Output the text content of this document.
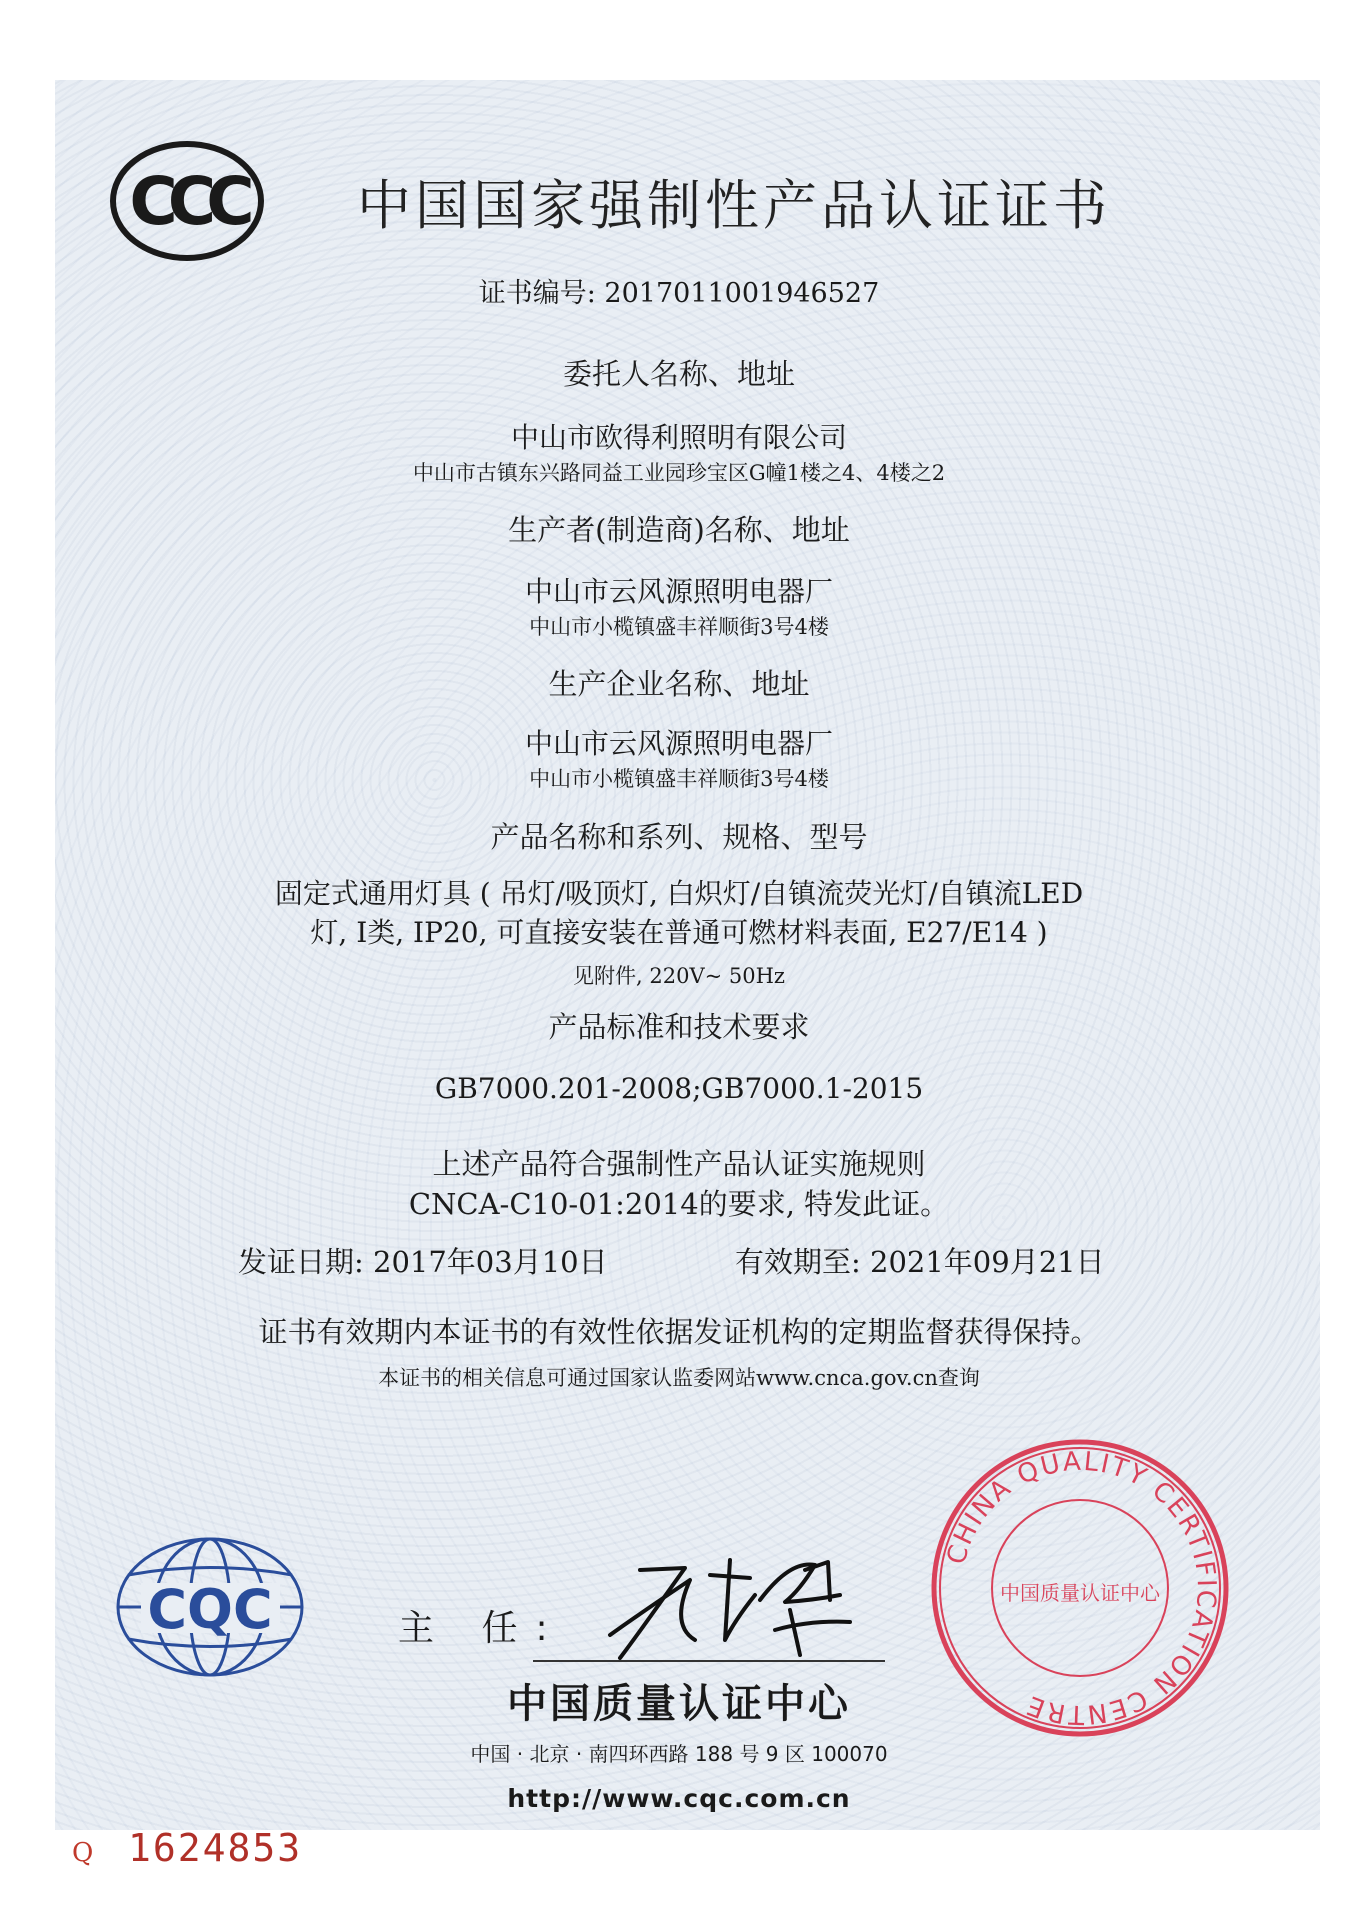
CCC	中国国家强制性产品认证证书
证书编号: 2017011001946527
委托人名称、地址
中山市欧得利照明有限公司
中山市古镇东兴路同益工业园珍宝区G幢1楼之4、4楼之2
生产者(制造商)名称、地址
中山市云风源照明电器厂
中山市小榄镇盛丰祥顺街3号4楼
生产企业名称、地址
中山市云风源照明电器厂
中山市小榄镇盛丰祥顺街3号4楼
产品名称和系列、规格、型号
固定式通用灯具 ( 吊灯/吸顶灯, 白炽灯/自镇流荧光灯/自镇流LED
灯, Ⅰ类, IP20, 可直接安装在普通可燃材料表面, E27/E14 )
见附件, 220V~ 50Hz
产品标准和技术要求
GB7000.201-2008;GB7000.1-2015
上述产品符合强制性产品认证实施规则
CNCA-C10-01:2014的要求, 特发此证。
发证日期: 2017年03月10日	有效期至: 2021年09月21日
证书有效期内本证书的有效性依据发证机构的定期监督获得保持。
本证书的相关信息可通过国家认监委网站www.cnca.gov.cn查询
CQC	主 任:
中国质量认证中心
中国 · 北京 · 南四环西路 188 号 9 区 100070
http://www.cqc.com.cn
CHINA QUALITY CERTIFICATION CENTRE
中国质量认证中心
Q 1624853
